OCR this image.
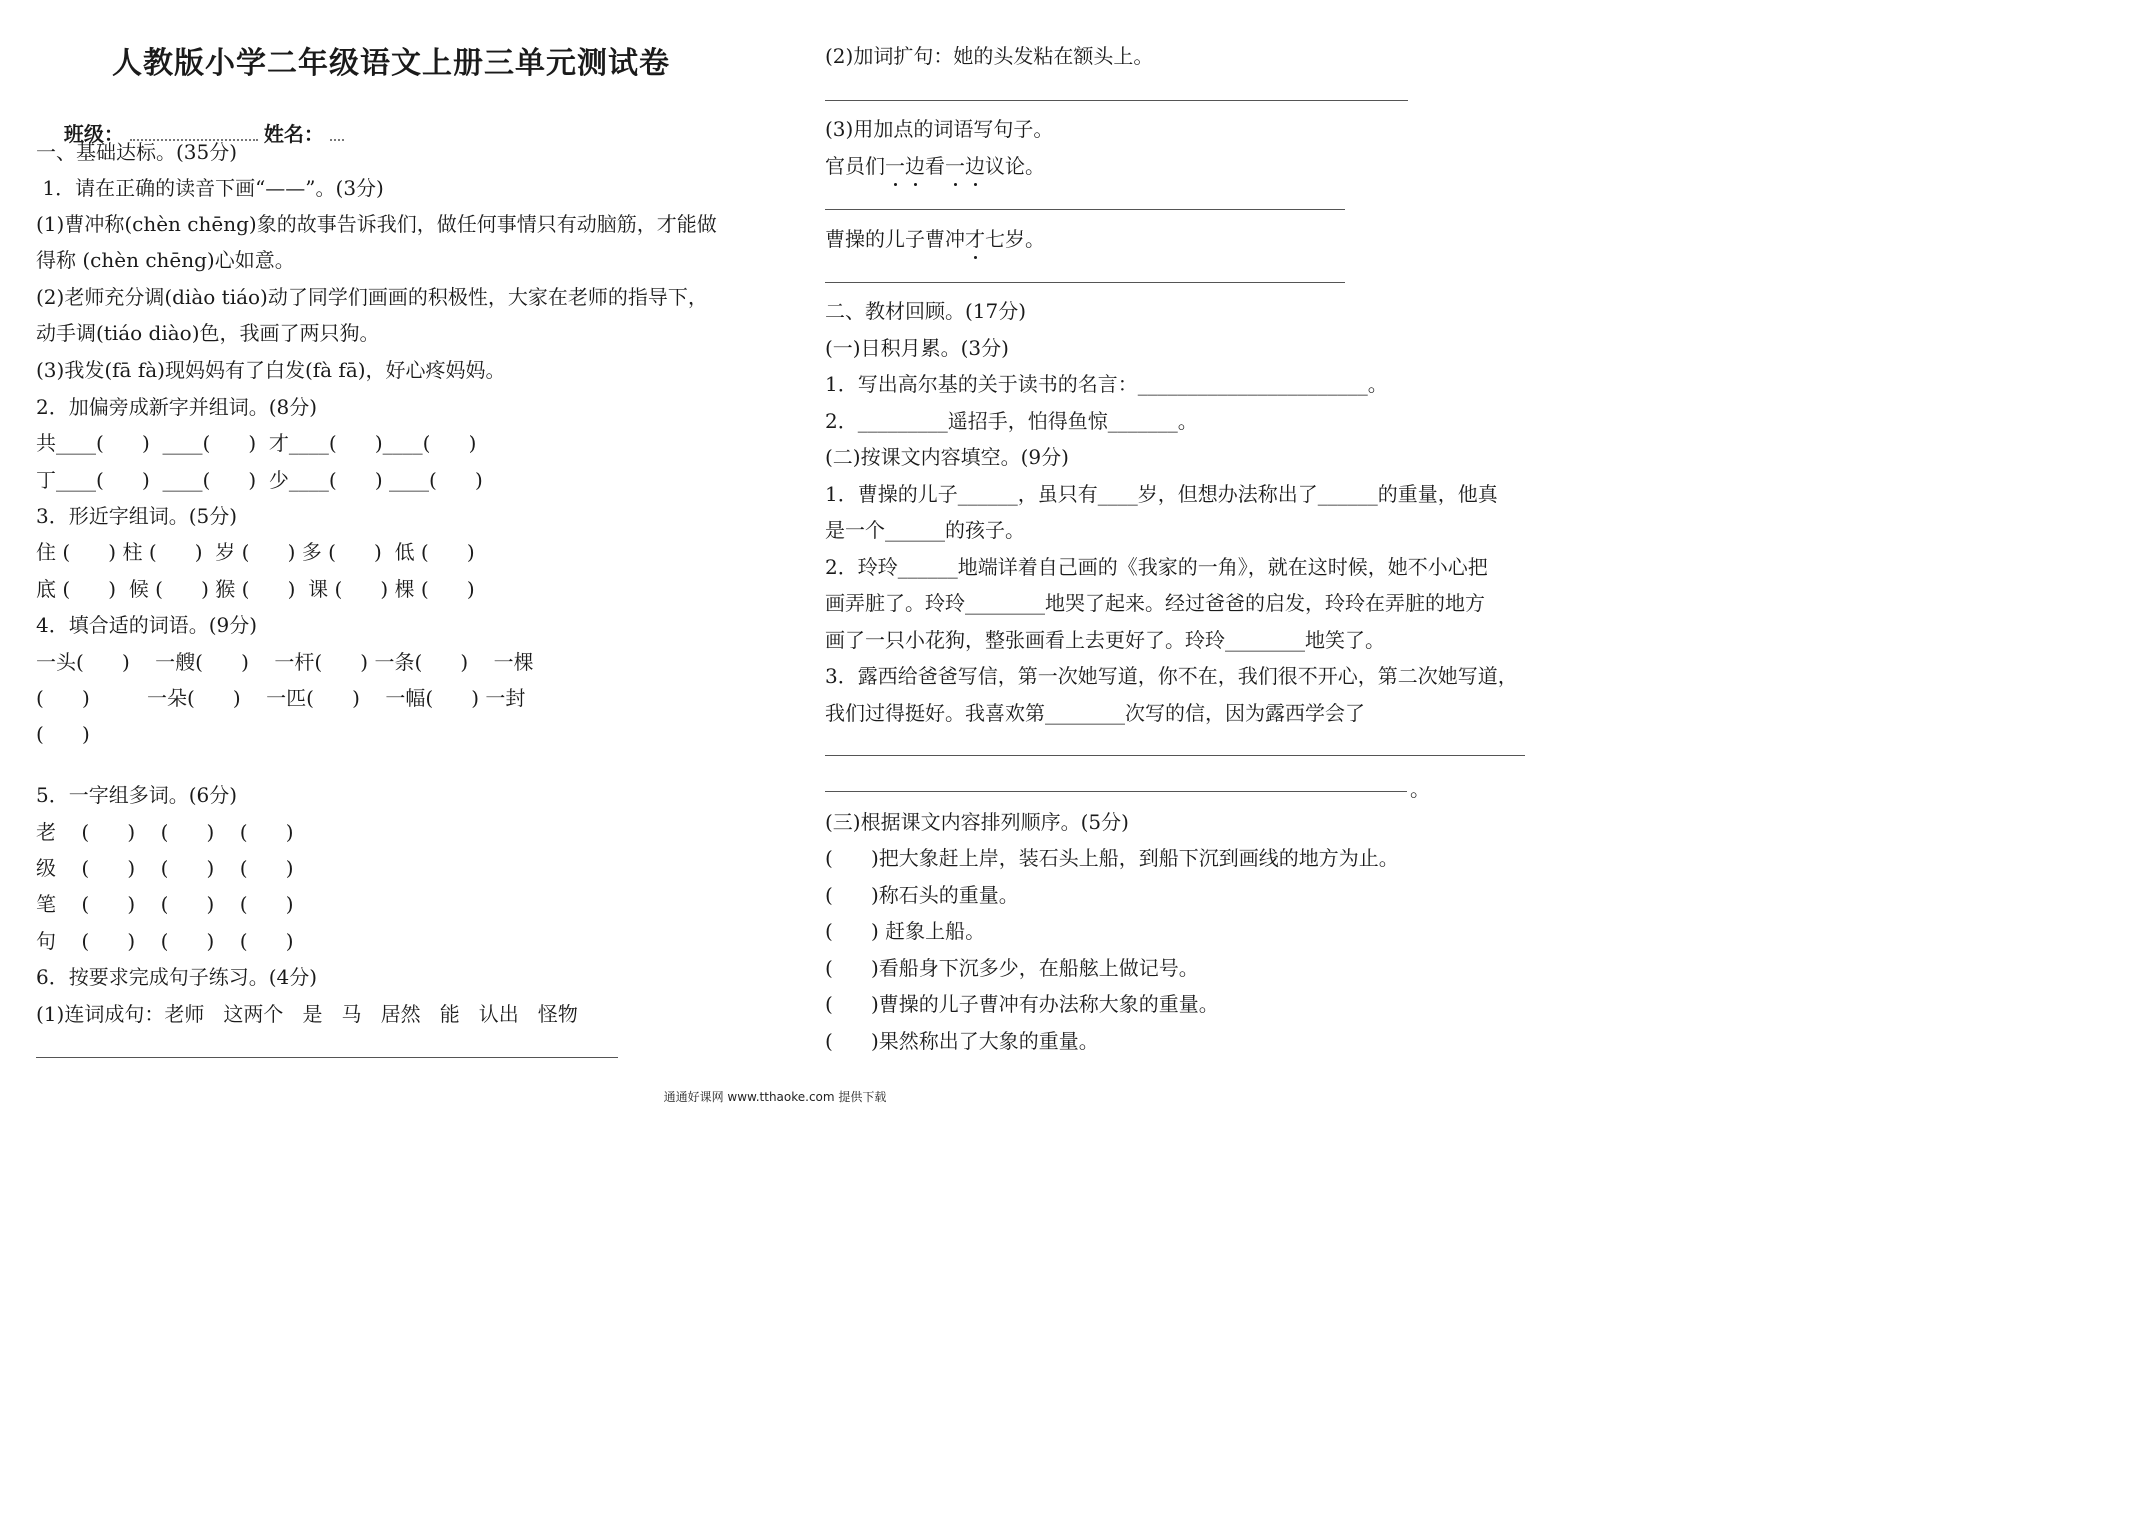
人教版小学二年级语文上册三单元测试卷

班级：	姓名：

一、基础达标。(35分)
1．请在正确的读音下画“——”。(3分)
(1)曹冲称(chèn chēng)象的故事告诉我们，做任何事情只有动脑筋，才能做
得称 (chèn chēng)心如意。
(2)老师充分调(diào tiáo)动了同学们画画的积极性，大家在老师的指导下，
动手调(tiáo diào)色，我画了两只狗。
(3)我发(fā fà)现妈妈有了白发(fà fā)，好心疼妈妈。
2．加偏旁成新字并组词。(8分)
共____(      )  ____(      )  才____(      )____(      )
丁____(      )  ____(      )  少____(      ) ____(      )
3．形近字组词。(5分)
住 (      ) 柱 (      )  岁 (      ) 多 (      )  低 (      )
底 (      )  候 (      ) 猴 (      )  课 (      ) 棵 (      )
4．填合适的词语。(9分)
一头(      )    一艘(      )    一杆(      ) 一条(      )    一棵
(      )         一朵(      )    一匹(      )    一幅(      ) 一封
(      )
5．一字组多词。(6分)
老    (      )    (      )    (      )
级    (      )    (      )    (      )
笔    (      )    (      )    (      )
句    (      )    (      )    (      )
6．按要求完成句子练习。(4分)
(1)连词成句：老师   这两个   是   马   居然   能   认出   怪物
(2)加词扩句：她的头发粘在额头上。
(3)用加点的词语写句子。
官员们一边看一边议论。
曹操的儿子曹冲才七岁。
二、教材回顾。(17分)
(一)日积月累。(3分)
1．写出高尔基的关于读书的名言：_______________________。
2．_________遥招手，怕得鱼惊_______。
(二)按课文内容填空。(9分)
1．曹操的儿子______，虽只有____岁，但想办法称出了______的重量，他真
是一个______的孩子。
2．玲玲______地端详着自己画的《我家的一角》，就在这时候，她不小心把
画弄脏了。玲玲________地哭了起来。经过爸爸的启发，玲玲在弄脏的地方
画了一只小花狗，整张画看上去更好了。玲玲________地笑了。
3．露西给爸爸写信，第一次她写道，你不在，我们很不开心，第二次她写道，
我们过得挺好。我喜欢第________次写的信，因为露西学会了
。
(三)根据课文内容排列顺序。(5分)
(      )把大象赶上岸，装石头上船，到船下沉到画线的地方为止。
(      )称石头的重量。
(      ) 赶象上船。
(      )看船身下沉多少，在船舷上做记号。
(      )曹操的儿子曹冲有办法称大象的重量。
(      )果然称出了大象的重量。
通通好课网 www.tthaoke.com 提供下载
